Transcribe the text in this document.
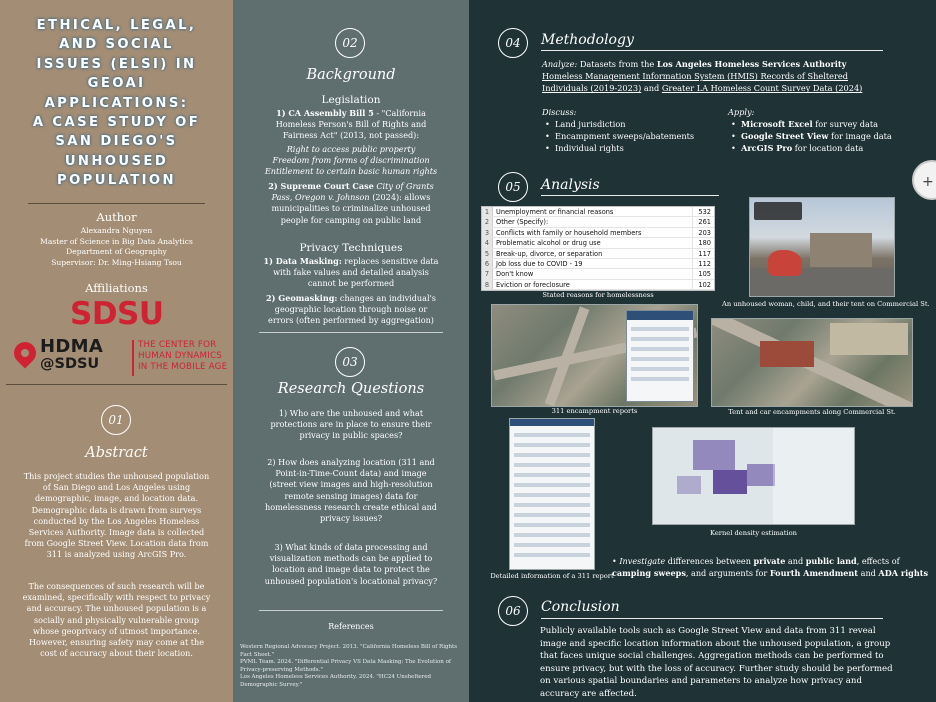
ETHICAL, LEGAL,
AND SOCIAL
ISSUES (ELSI) IN
GEOAI
APPLICATIONS:
A CASE STUDY OF
SAN DIEGO'S
UNHOUSED
POPULATION
Author
Alexandra Nguyen
Master of Science in Big Data Analytics
Department of Geography
Supervisor: Dr. Ming-Hsiang Tsou
Affiliations
SDSU
HDMA
@SDSU
THE CENTER FOR
HUMAN DYNAMICS
IN THE MOBILE AGE
01
Abstract
This project studies the unhoused population of San Diego and Los Angeles using demographic, image, and location data. Demographic data is drawn from surveys conducted by the Los Angeles Homeless Services Authority. Image data is collected from Google Street View. Location data from 311 is analyzed using ArcGIS Pro.
The consequences of such research will be examined, specifically with respect to privacy and accuracy. The unhoused population is a socially and physically vulnerable group whose geoprivacy of utmost importance. However, ensuring safety may come at the cost of accuracy about their location.
02
Background
Legislation
1) CA Assembly Bill 5 - "California Homeless Person's Bill of Rights and Fairness Act" (2013, not passed):
Right to access public property
Freedom from forms of discrimination
Entitlement to certain basic human rights
2) Supreme Court Case City of Grants Pass, Oregon v. Johnson (2024): allows municipalities to criminalize unhoused people for camping on public land
Privacy Techniques
1) Data Masking: replaces sensitive data with fake values and detailed analysis cannot be performed
2) Geomasking: changes an individual's geographic location through noise or errors (often performed by aggregation)
03
Research Questions
1) Who are the unhoused and what protections are in place to ensure their privacy in public spaces?
2) How does analyzing location (311 and Point-in-Time-Count data) and image (street view images and high-resolution remote sensing images) data for homelessness research create ethical and privacy issues?
3) What kinds of data processing and visualization methods can be applied to location and image data to protect the unhoused population's locational privacy?
References
Western Regional Advocacy Project. 2013. "California Homeless Bill of Rights Fact Sheet."
PVML Team. 2024. "Differential Privacy VS Data Masking: The Evolution of Privacy-preserving Methods."
Los Angeles Homeless Services Authority. 2024. "HC24 Unsheltered Demographic Survey."
04	Methodology
Analyze: Datasets from the Los Angeles Homeless Services Authority Homeless Management Information System (HMIS) Records of Sheltered Individuals (2019-2023) and Greater LA Homeless Count Survey Data (2024)
Discuss:
• Land jurisdiction
• Encampment sweeps/abatements
• Individual rights
Apply:
• Microsoft Excel for survey data
• Google Street View for image data
• ArcGIS Pro for location data
05	Analysis
06	Conclusion
Publicly available tools such as Google Street View and data from 311 reveal image and specific location information about the unhoused population, a group that faces unique social challenges. Aggregation methods can be performed to ensure privacy, but with the loss of accuracy. Further study should be performed on various spatial boundaries and parameters to analyze how privacy and accuracy are affected.
1	Unemployment or financial reasons	532
2	Other (Specify):	261
3	Conflicts with family or household members	203
4	Problematic alcohol or drug use	180
5	Break-up, divorce, or separation	117
6	Job loss due to COVID - 19	112
7	Don't know	105
8	Eviction or foreclosure	102
Stated reasons for homelessness
An unhoused woman, child, and their tent on Commercial St.
311 encampment reports	Tent and car encampments along Commercial St.
Detailed information of a 311 report
Kernel density estimation
• Investigate differences between private and public land, effects of camping sweeps, and arguments for Fourth Amendment and ADA rights
+
